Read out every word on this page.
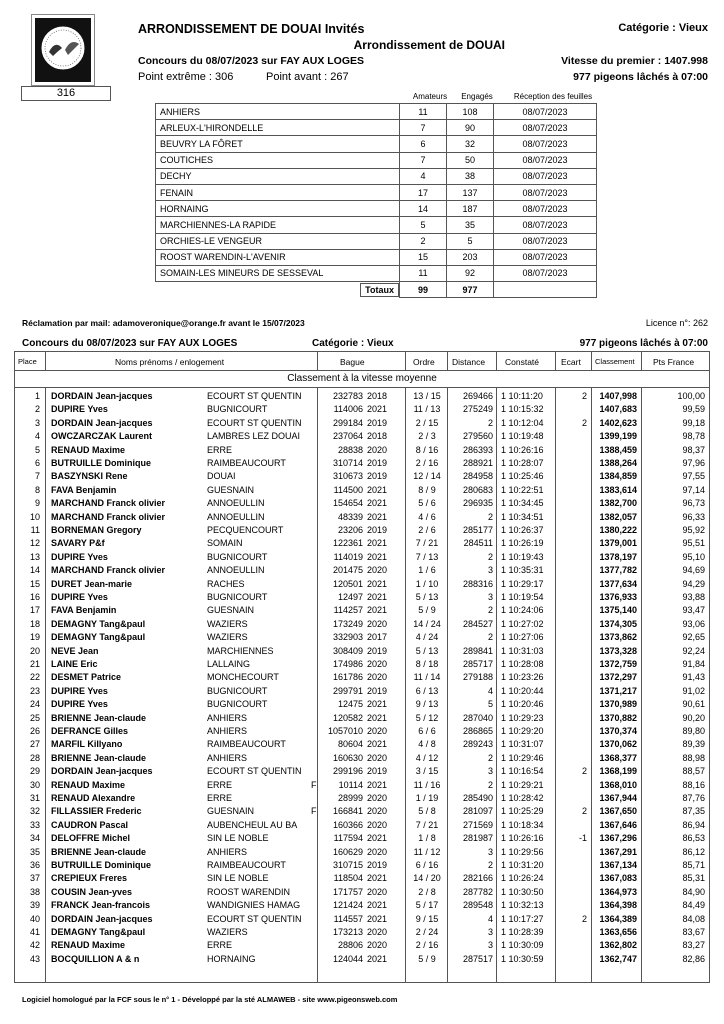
316
ARRONDISSEMENT DE DOUAI Invités	Catégorie : Vieux
Arrondissement de DOUAI
Concours du 08/07/2023 sur FAY AUX LOGES	Vitesse du premier : 1407.998
Point extrême : 306	Point avant : 267	977 pigeons lâchés à 07:00
Amateurs	Engagés	Réception des feuilles
ANHIERS	11	108	08/07/2023
ARLEUX-L'HIRONDELLE	7	90	08/07/2023
BEUVRY LA FÔRET	6	32	08/07/2023
COUTICHES	7	50	08/07/2023
DECHY	4	38	08/07/2023
FENAIN	17	137	08/07/2023
HORNAING	14	187	08/07/2023
MARCHIENNES-LA RAPIDE	5	35	08/07/2023
ORCHIES-LE VENGEUR	2	5	08/07/2023
ROOST WARENDIN-L'AVENIR	15	203	08/07/2023
SOMAIN-LES MINEURS DE SESSEVAL	11	92	08/07/2023
Totaux	99	977	
Réclamation par mail: adamoveronique@orange.fr avant le 15/07/2023	Licence n°: 262
Concours du 08/07/2023 sur FAY AUX LOGES	Catégorie : Vieux	977 pigeons lâchés à 07:00
Place	Noms prénoms / enlogement	Bague	Ordre Distance Constaté	Ecart Classement Pts France
Classement à la vitesse moyenne
1 DORDAIN Jean-jacques	ECOURT ST QUENTIN	232783 2018	13 / 15	269466 1 10:11:20	2	1407,998	100,00
2 DUPIRE Yves	BUGNICOURT	114006 2021	11 / 13	275249 1 10:15:32	1407,683	99,59
3 DORDAIN Jean-jacques	ECOURT ST QUENTIN	299184 2019	2 / 15	2 1 10:12:04	2	1402,623	99,18
4 OWCZARCZAK Laurent	LAMBRES LEZ DOUAI	237064 2018	2 / 3	279560 1 10:19:48	1399,199	98,78
5 RENAUD Maxime	ERRE	28838 2020	8 / 16	286393 1 10:26:16	1388,459	98,37
6 BUTRUILLE Dominique	RAIMBEAUCOURT	310714 2019	2 / 16	288921 1 10:28:07	1388,264	97,96
7 BASZYNSKI Rene	DOUAI	310673 2019	12 / 14	284958 1 10:25:46	1384,859	97,55
8 FAVA Benjamin	GUESNAIN	114500 2021	8 / 9	280683 1 10:22:51	1383,614	97,14
9 MARCHAND Franck olivier	ANNOEULLIN	154654 2021	5 / 6	296935 1 10:34:45	1382,700	96,73
10 MARCHAND Franck olivier	ANNOEULLIN	48339 2021	4 / 6	2 1 10:34:51	1382,057	96,33
11 BORNEMAN Gregory	PECQUENCOURT	23206 2019	2 / 6	285177 1 10:26:37	1380,222	95,92
12 SAVARY P&f	SOMAIN	122361 2021	7 / 21	284511 1 10:26:19	1379,001	95,51
13 DUPIRE Yves	BUGNICOURT	114019 2021	7 / 13	2 1 10:19:43	1378,197	95,10
14 MARCHAND Franck olivier	ANNOEULLIN	201475 2020	1 / 6	3 1 10:35:31	1377,782	94,69
15 DURET Jean-marie	RACHES	120501 2021	1 / 10	288316 1 10:29:17	1377,634	94,29
16 DUPIRE Yves	BUGNICOURT	12497 2021	5 / 13	3 1 10:19:54	1376,933	93,88
17 FAVA Benjamin	GUESNAIN	114257 2021	5 / 9	2 1 10:24:06	1375,140	93,47
18 DEMAGNY Tang&paul	WAZIERS	173249 2020	14 / 24	284527 1 10:27:02	1374,305	93,06
19 DEMAGNY Tang&paul	WAZIERS	332903 2017	4 / 24	2 1 10:27:06	1373,862	92,65
20 NEVE Jean	MARCHIENNES	308409 2019	5 / 13	289841 1 10:31:03	1373,328	92,24
21 LAINE Eric	LALLAING	174986 2020	8 / 18	285717 1 10:28:08	1372,759	91,84
22 DESMET Patrice	MONCHECOURT	161786 2020	11 / 14	279188 1 10:23:26	1372,297	91,43
23 DUPIRE Yves	BUGNICOURT	299791 2019	6 / 13	4 1 10:20:44	1371,217	91,02
24 DUPIRE Yves	BUGNICOURT	12475 2021	9 / 13	5 1 10:20:46	1370,989	90,61
25 BRIENNE Jean-claude	ANHIERS	120582 2021	5 / 12	287040 1 10:29:23	1370,882	90,20
26 DEFRANCE Gilles	ANHIERS	1057010 2020	6 / 6	286865 1 10:29:20	1370,374	89,80
27 MARFIL Killyano	RAIMBEAUCOURT	80604 2021	4 / 8	289243 1 10:31:07	1370,062	89,39
28 BRIENNE Jean-claude	ANHIERS	160630 2020	4 / 12	2 1 10:29:46	1368,377	88,98
29 DORDAIN Jean-jacques	ECOURT ST QUENTIN	299196 2019	3 / 15	3 1 10:16:54	2	1368,199	88,57
30 RENAUD Maxime	ERRE	F 10114 2021	11 / 16	2 1 10:29:21	1368,010	88,16
31 RENAUD Alexandre	ERRE	28999 2020	1 / 19	285490 1 10:28:42	1367,944	87,76
32 FILLASSIER Frederic	GUESNAIN	F 166841 2020	5 / 8	281097 1 10:25:29	2	1367,650	87,35
33 CAUDRON Pascal	AUBENCHEUL AU BA	160366 2020	7 / 21	271569 1 10:18:34	1367,646	86,94
34 DELOFFRE Michel	SIN LE NOBLE	117594 2021	1 / 8	281987 1 10:26:16	-1	1367,296	86,53
35 BRIENNE Jean-claude	ANHIERS	160629 2020	11 / 12	3 1 10:29:56	1367,291	86,12
36 BUTRUILLE Dominique	RAIMBEAUCOURT	310715 2019	6 / 16	2 1 10:31:20	1367,134	85,71
37 CREPIEUX Freres	SIN LE NOBLE	118504 2021	14 / 20	282166 1 10:26:24	1367,083	85,31
38 COUSIN Jean-yves	ROOST WARENDIN	171757 2020	2 / 8	287782 1 10:30:50	1364,973	84,90
39 FRANCK Jean-francois	WANDIGNIES HAMAG	121424 2021	5 / 17	289548 1 10:32:13	1364,398	84,49
40 DORDAIN Jean-jacques	ECOURT ST QUENTIN	114557 2021	9 / 15	4 1 10:17:27	2	1364,389	84,08
41 DEMAGNY Tang&paul	WAZIERS	173213 2020	2 / 24	3 1 10:28:39	1363,656	83,67
42 RENAUD Maxime	ERRE	28806 2020	2 / 16	3 1 10:30:09	1362,802	83,27
43 BOCQUILLION A & n	HORNAING	124044 2021	5 / 9	287517 1 10:30:59	1362,747	82,86
Logiciel homologué par la FCF sous le n° 1 - Développé par la sté ALMAWEB - site www.pigeonsweb.com
